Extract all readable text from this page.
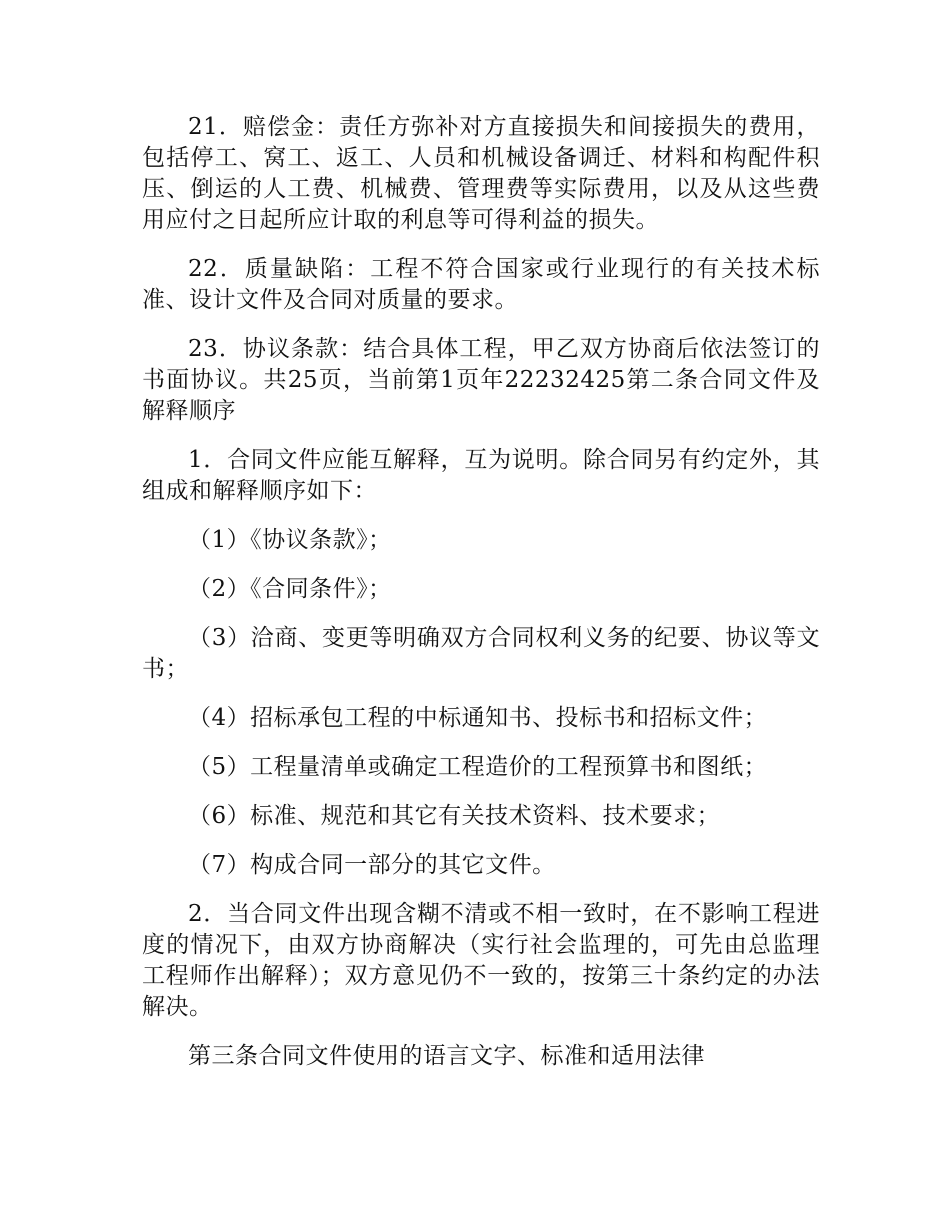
21．赔偿金：责任方弥补对方直接损失和间接损失的费用，包括停工、窝工、返工、人员和机械设备调迁、材料和构配件积压、倒运的人工费、机械费、管理费等实际费用，以及从这些费用应付之日起所应计取的利息等可得利益的损失。

22．质量缺陷：工程不符合国家或行业现行的有关技术标准、设计文件及合同对质量的要求。

23．协议条款：结合具体工程，甲乙双方协商后依法签订的书面协议。共25页，当前第1页年22232425第二条合同文件及解释顺序

1．合同文件应能互解释，互为说明。除合同另有约定外，其组成和解释顺序如下：

（1）《协议条款》；

（2）《合同条件》；

（3）洽商、变更等明确双方合同权利义务的纪要、协议等文书；

（4）招标承包工程的中标通知书、投标书和招标文件；

（5）工程量清单或确定工程造价的工程预算书和图纸；

（6）标准、规范和其它有关技术资料、技术要求；

（7）构成合同一部分的其它文件。

2．当合同文件出现含糊不清或不相一致时，在不影响工程进度的情况下，由双方协商解决（实行社会监理的，可先由总监理工程师作出解释）；双方意见仍不一致的，按第三十条约定的办法解决。

第三条合同文件使用的语言文字、标准和适用法律
